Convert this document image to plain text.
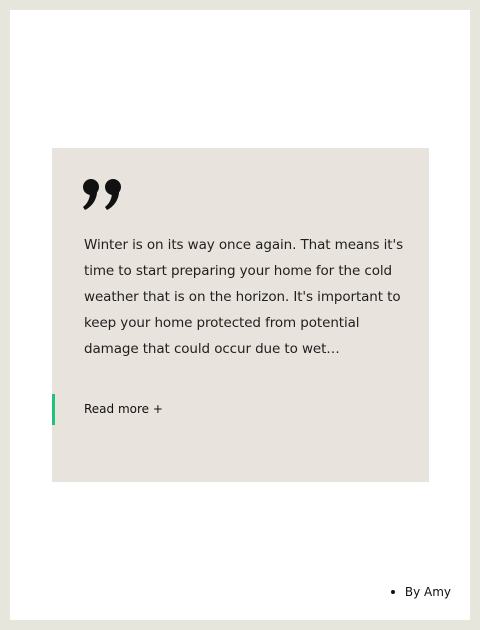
Winter is on its way once again. That means it's time to start preparing your home for the cold weather that is on the horizon. It's important to keep your home protected from potential damage that could occur due to wet…

Read more +
By Amy
